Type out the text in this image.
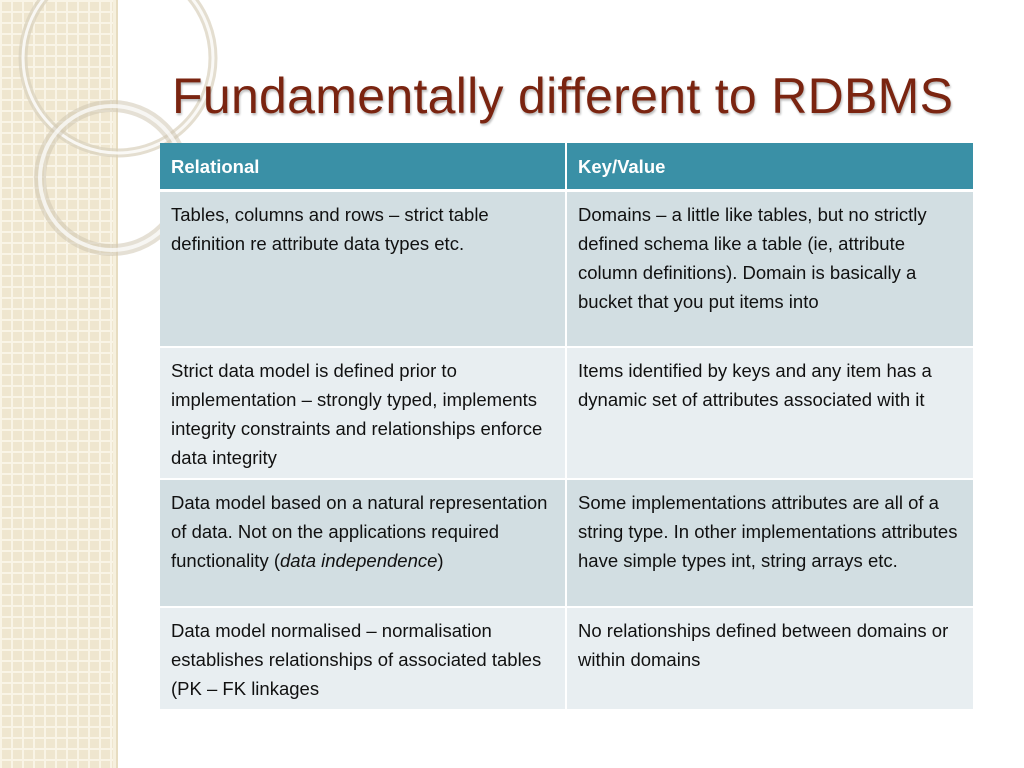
Fundamentally different to RDBMS
Relational	Key/Value
Tables, columns and rows – strict table definition re attribute data types etc.	Domains – a little like tables, but no strictly defined schema like a table (ie, attribute column definitions). Domain is basically a bucket that you put items into
Strict data model is defined prior to implementation – strongly typed, implements integrity constraints and relationships enforce data integrity	Items identified by keys and any item has a dynamic set of attributes associated with it
Data model based on a natural representation of data. Not on the applications required functionality (data independence)	Some implementations attributes are all of a string type. In other implementations attributes have simple types int, string arrays etc.
Data model normalised – normalisation establishes relationships of associated tables (PK – FK linkages	No relationships defined between domains or within domains
